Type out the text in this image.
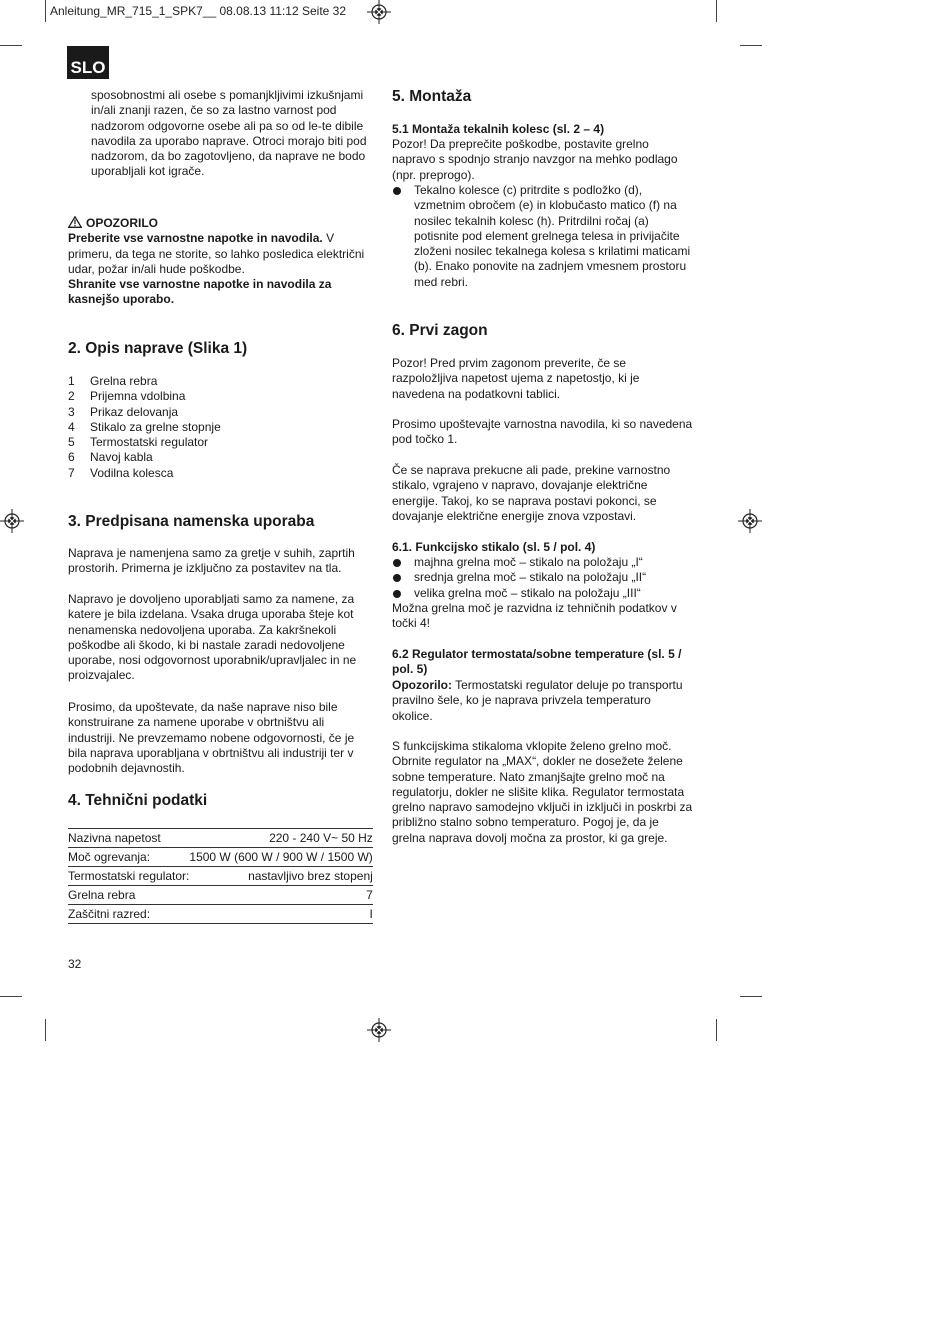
Anleitung_MR_715_1_SPK7__ 08.08.13 11:12 Seite 32
SLO

sposobnostmi ali osebe s pomanjkljivimi izkušnjami in/ali znanji razen, če so za lastno varnost pod nadzorom odgovorne osebe ali pa so od le-te dibile navodila za uporabo naprave. Otroci morajo biti pod nadzorom, da bo zagotovljeno, da naprave ne bodo uporabljali kot igrače.

OPOZORILO

Preberite vse varnostne napotke in navodila. V primeru, da tega ne storite, so lahko posledica električni udar, požar in/ali hude poškodbe.

Shranite vse varnostne napotke in navodila za kasnejšo uporabo.

2. Opis naprave (Slika 1)
1	Grelna rebra
2	Prijemna vdolbina
3	Prikaz delovanja
4	Stikalo za grelne stopnje
5	Termostatski regulator
6	Navoj kabla
7	Vodilna kolesca
3. Predpisana namenska uporaba

Naprava je namenjena samo za gretje v suhih, zaprtih prostorih. Primerna je izključno za postavitev na tla.

Napravo je dovoljeno uporabljati samo za namene, za katere je bila izdelana. Vsaka druga uporaba šteje kot nenamenska nedovoljena uporaba. Za kakršnekoli poškodbe ali škodo, ki bi nastale zaradi nedovoljene uporabe, nosi odgovornost uporabnik/upravljalec in ne proizvajalec.

Prosimo, da upoštevate, da naše naprave niso bile konstruirane za namene uporabe v obrtništvu ali industriji. Ne prevzemamo nobene odgovornosti, če je bila naprava uporabljana v obrtništvu ali industriji ter v podobnih dejavnostih.

4. Tehnični podatki
Nazivna napetost	220 - 240 V~ 50 Hz
Moč ogrevanja:	1500 W (600 W / 900 W / 1500 W)
Termostatski regulator:	nastavljivo brez stopenj
Grelna rebra	7
Zaščitni razred:	I

32

5. Montaža
5.1 Montaža tekalnih kolesc (sl. 2 – 4)

Pozor! Da preprečite poškodbe, postavite grelno napravo s spodnjo stranjo navzgor na mehko podlago (npr. preprogo).

Tekalno kolesce (c) pritrdite s podložko (d), vzmetnim obročem (e) in klobučasto matico (f) na nosilec tekalnih kolesc (h). Pritrdilni ročaj (a) potisnite pod element grelnega telesa in privijačite zloženi nosilec tekalnega kolesa s krilatimi maticami (b). Enako ponovite na zadnjem vmesnem prostoru med rebri.
6. Prvi zagon

Pozor! Pred prvim zagonom preverite, če se razpoložljiva napetost ujema z napetostjo, ki je navedena na podatkovni tablici.

Prosimo upoštevajte varnostna navodila, ki so navedena pod točko 1.

Če se naprava prekucne ali pade, prekine varnostno stikalo, vgrajeno v napravo, dovajanje električne energije. Takoj, ko se naprava postavi pokonci, se dovajanje električne energije znova vzpostavi.

6.1. Funkcijsko stikalo (sl. 5 / pol. 4)
majhna grelna moč – stikalo na položaju „I“
srednja grelna moč – stikalo na položaju „II“
velika grelna moč – stikalo na položaju „III“

Možna grelna moč je razvidna iz tehničnih podatkov v točki 4!

6.2 Regulator termostata/sobne temperature (sl. 5 / pol. 5)

Opozorilo: Termostatski regulator deluje po transportu pravilno šele, ko je naprava privzela temperaturo okolice.

S funkcijskima stikaloma vklopite želeno grelno moč. Obrnite regulator na „MAX“, dokler ne dosežete želene sobne temperature. Nato zmanjšajte grelno moč na regulatorju, dokler ne slišite klika. Regulator termostata grelno napravo samodejno vključi in izključi in poskrbi za približno stalno sobno temperaturo. Pogoj je, da je grelna naprava dovolj močna za prostor, ki ga greje.
